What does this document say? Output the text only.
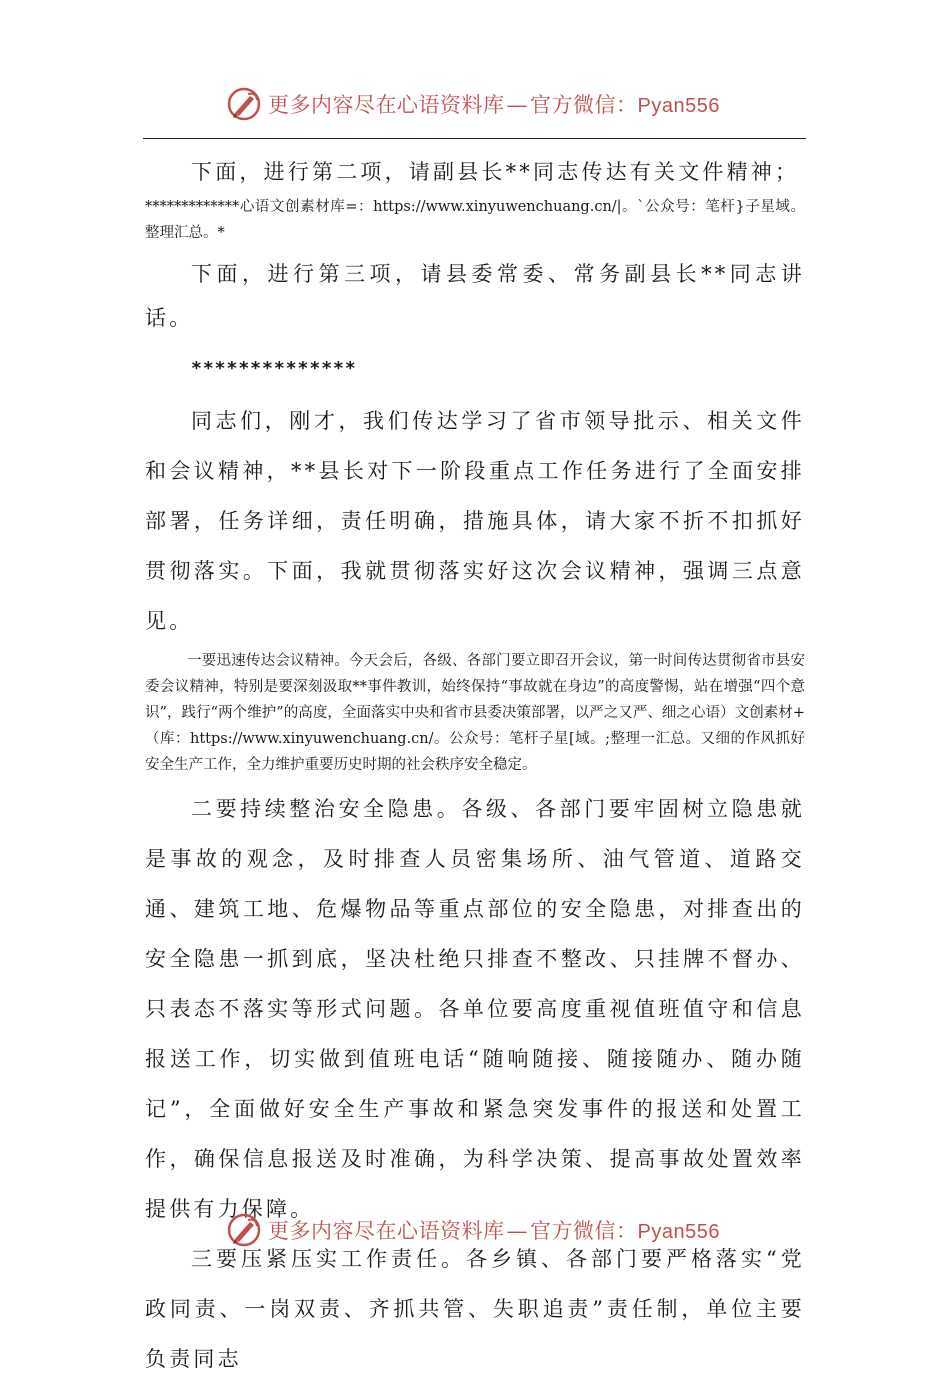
更多内容尽在心语资料库—官方微信：Pyan556

下面，进行第二项，请副县长**同志传达有关文件精神；

*************心语文创素材库=：https://www.xinyuwenchuang.cn/|。`公众号：笔杆}子星域。整理汇总。*

下面，进行第三项，请县委常委、常务副县长**同志讲话。

**************

同志们，刚才，我们传达学习了省市领导批示、相关文件和会议精神，**县长对下一阶段重点工作任务进行了全面安排部署，任务详细，责任明确，措施具体，请大家不折不扣抓好贯彻落实。下面，我就贯彻落实好这次会议精神，强调三点意见。

一要迅速传达会议精神。今天会后，各级、各部门要立即召开会议，第一时间传达贯彻省市县安委会议精神，特别是要深刻汲取**事件教训，始终保持“事故就在身边”的高度警惕，站在增强“四个意识”，践行“两个维护”的高度，全面落实中央和省市县委决策部署，以严之又严、细之心语）文创素材+（库：https://www.xinyuwenchuang.cn/。公众号：笔杆子星[域。;整理一汇总。又细的作风抓好安全生产工作，全力维护重要历史时期的社会秩序安全稳定。

二要持续整治安全隐患。各级、各部门要牢固树立隐患就是事故的观念，及时排查人员密集场所、油气管道、道路交通、建筑工地、危爆物品等重点部位的安全隐患，对排查出的安全隐患一抓到底，坚决杜绝只排查不整改、只挂牌不督办、只表态不落实等形式问题。各单位要高度重视值班值守和信息报送工作，切实做到值班电话“随响随接、随接随办、随办随记”，全面做好安全生产事故和紧急突发事件的报送和处置工作，确保信息报送及时准确，为科学决策、提高事故处置效率提供有力保障。

三要压紧压实工作责任。各乡镇、各部门要严格落实“党政同责、一岗双责、齐抓共管、失职追责”责任制，单位主要负责同志

更多内容尽在心语资料库—官方微信：Pyan556
